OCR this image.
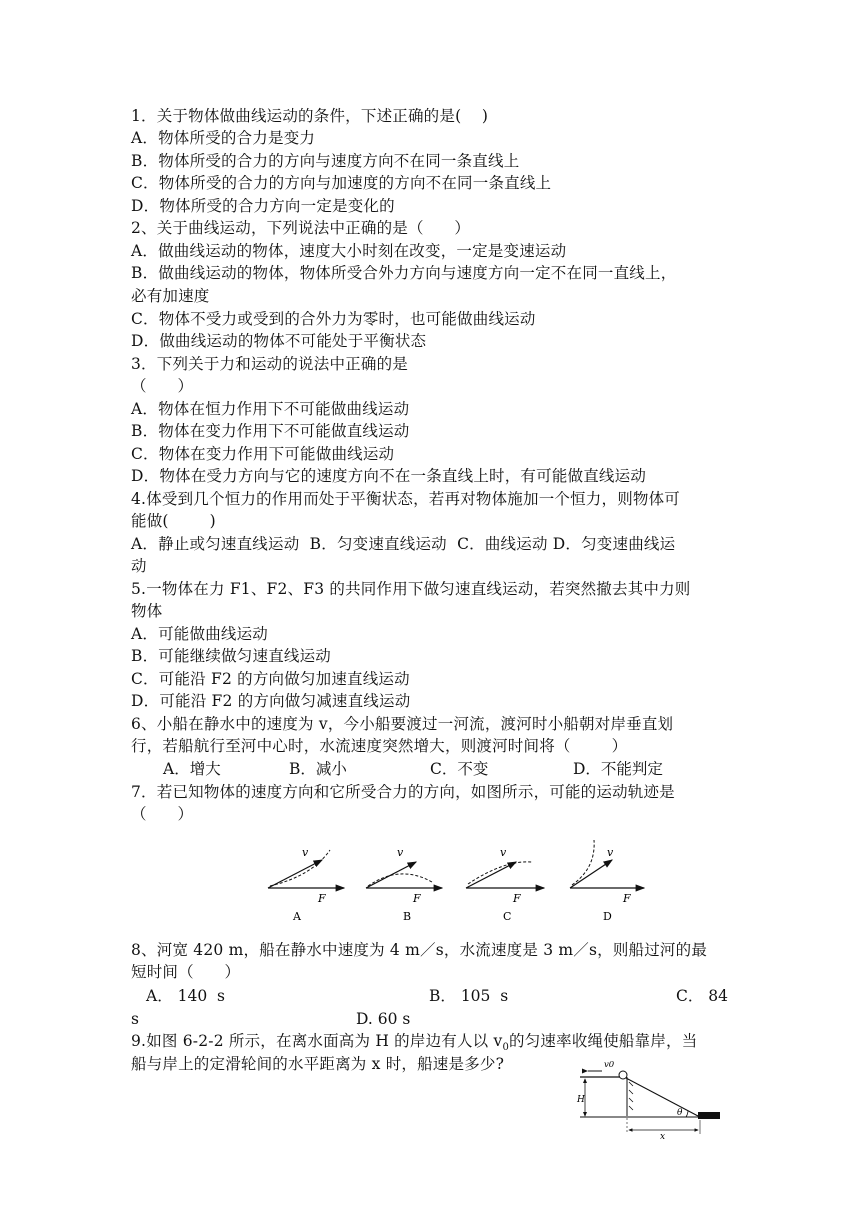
1．关于物体做曲线运动的条件，下述正确的是(    )
A．物体所受的合力是变力
B．物体所受的合力的方向与速度方向不在同一条直线上
C．物体所受的合力的方向与加速度的方向不在同一条直线上
D．物体所受的合力方向一定是变化的
2、关于曲线运动，下列说法中正确的是（      ）
A．做曲线运动的物体，速度大小时刻在改变，一定是变速运动
B．做曲线运动的物体，物体所受合外力方向与速度方向一定不在同一直线上，
必有加速度
C．物体不受力或受到的合外力为零时，也可能做曲线运动
D．做曲线运动的物体不可能处于平衡状态
3．下列关于力和运动的说法中正确的是
（      ）
A．物体在恒力作用下不可能做曲线运动
B．物体在变力作用下不可能做直线运动
C．物体在变力作用下可能做曲线运动
D．物体在受力方向与它的速度方向不在一条直线上时，有可能做直线运动
4.体受到几个恒力的作用而处于平衡状态，若再对物体施加一个恒力，则物体可
能做(        )
A．静止或匀速直线运动  B．匀变速直线运动  C．曲线运动 D．匀变速曲线运
动
5.一物体在力 F1、F2、F3 的共同作用下做匀速直线运动，若突然撤去其中力则
物体
A．可能做曲线运动
B．可能继续做匀速直线运动
C．可能沿 F2 的方向做匀加速直线运动
D．可能沿 F2 的方向做匀减速直线运动
6、小船在静水中的速度为 v，今小船要渡过一河流，渡河时小船朝对岸垂直划
行，若船航行至河中心时，水流速度突然增大，则渡河时间将（        ）
A．增大	B．减小	C．不变	D．不能判定
7．若已知物体的速度方向和它所受合力的方向，如图所示，可能的运动轨迹是
（      ）
v
F
A
v
F
B
v
F
C
v
F
D
8、河宽 420 m，船在静水中速度为 4 m／s，水流速度是 3 m／s，则船过河的最
短时间（      ）
A． 140  s	B． 105  s	C． 84
s	D. 60 s
9.如图 6-2-2 所示，在离水面高为 H 的岸边有人以 $v_0$的匀速率收绳使船靠岸，当
船与岸上的定滑轮间的水平距离为 x 时，船速是多少?	v0
H
θ
x
